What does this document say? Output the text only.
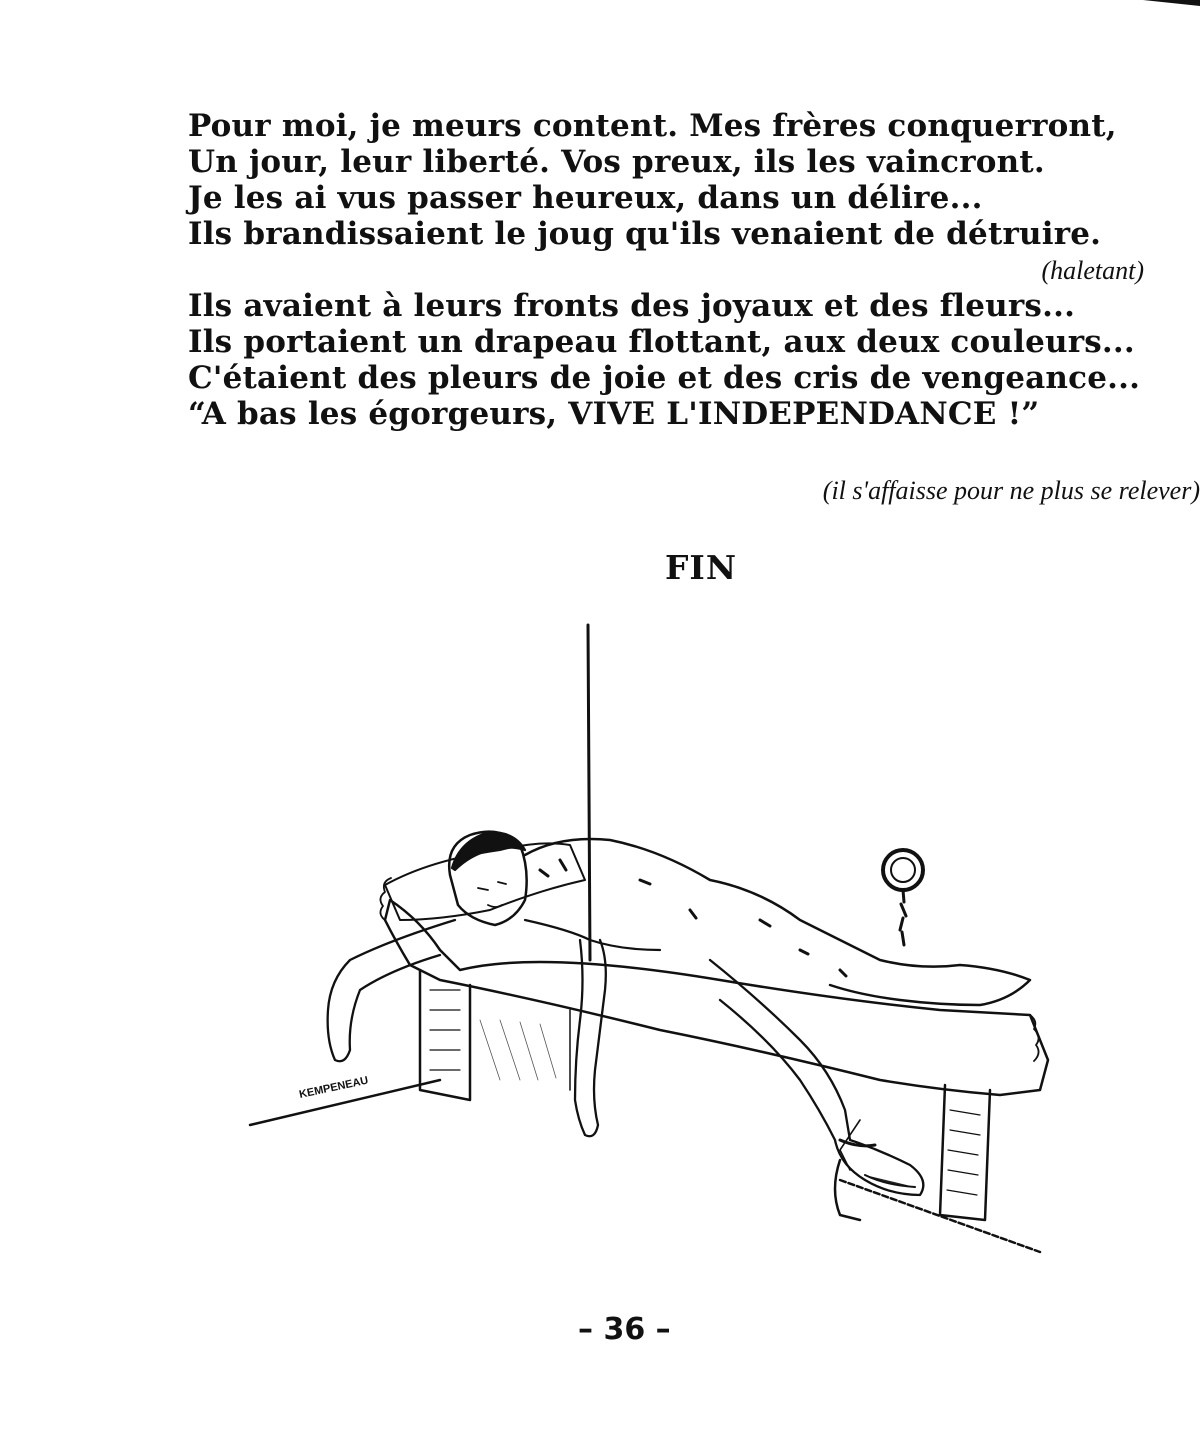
Pour moi, je meurs content. Mes frères conquerront,
Un jour, leur liberté. Vos preux, ils les vaincront.
Je les ai vus passer heureux, dans un délire...
Ils brandissaient le joug qu'ils venaient de détruire.
Ils avaient à leurs fronts des joyaux et des fleurs...
Ils portaient un drapeau flottant, aux deux couleurs...
C'étaient des pleurs de joie et des cris de vengeance...
“A bas les égorgeurs, VIVE L'INDEPENDANCE !”
(haletant)
(il s'affaisse pour ne plus se relever)
FIN
KEMPENEAU
– 36 –
